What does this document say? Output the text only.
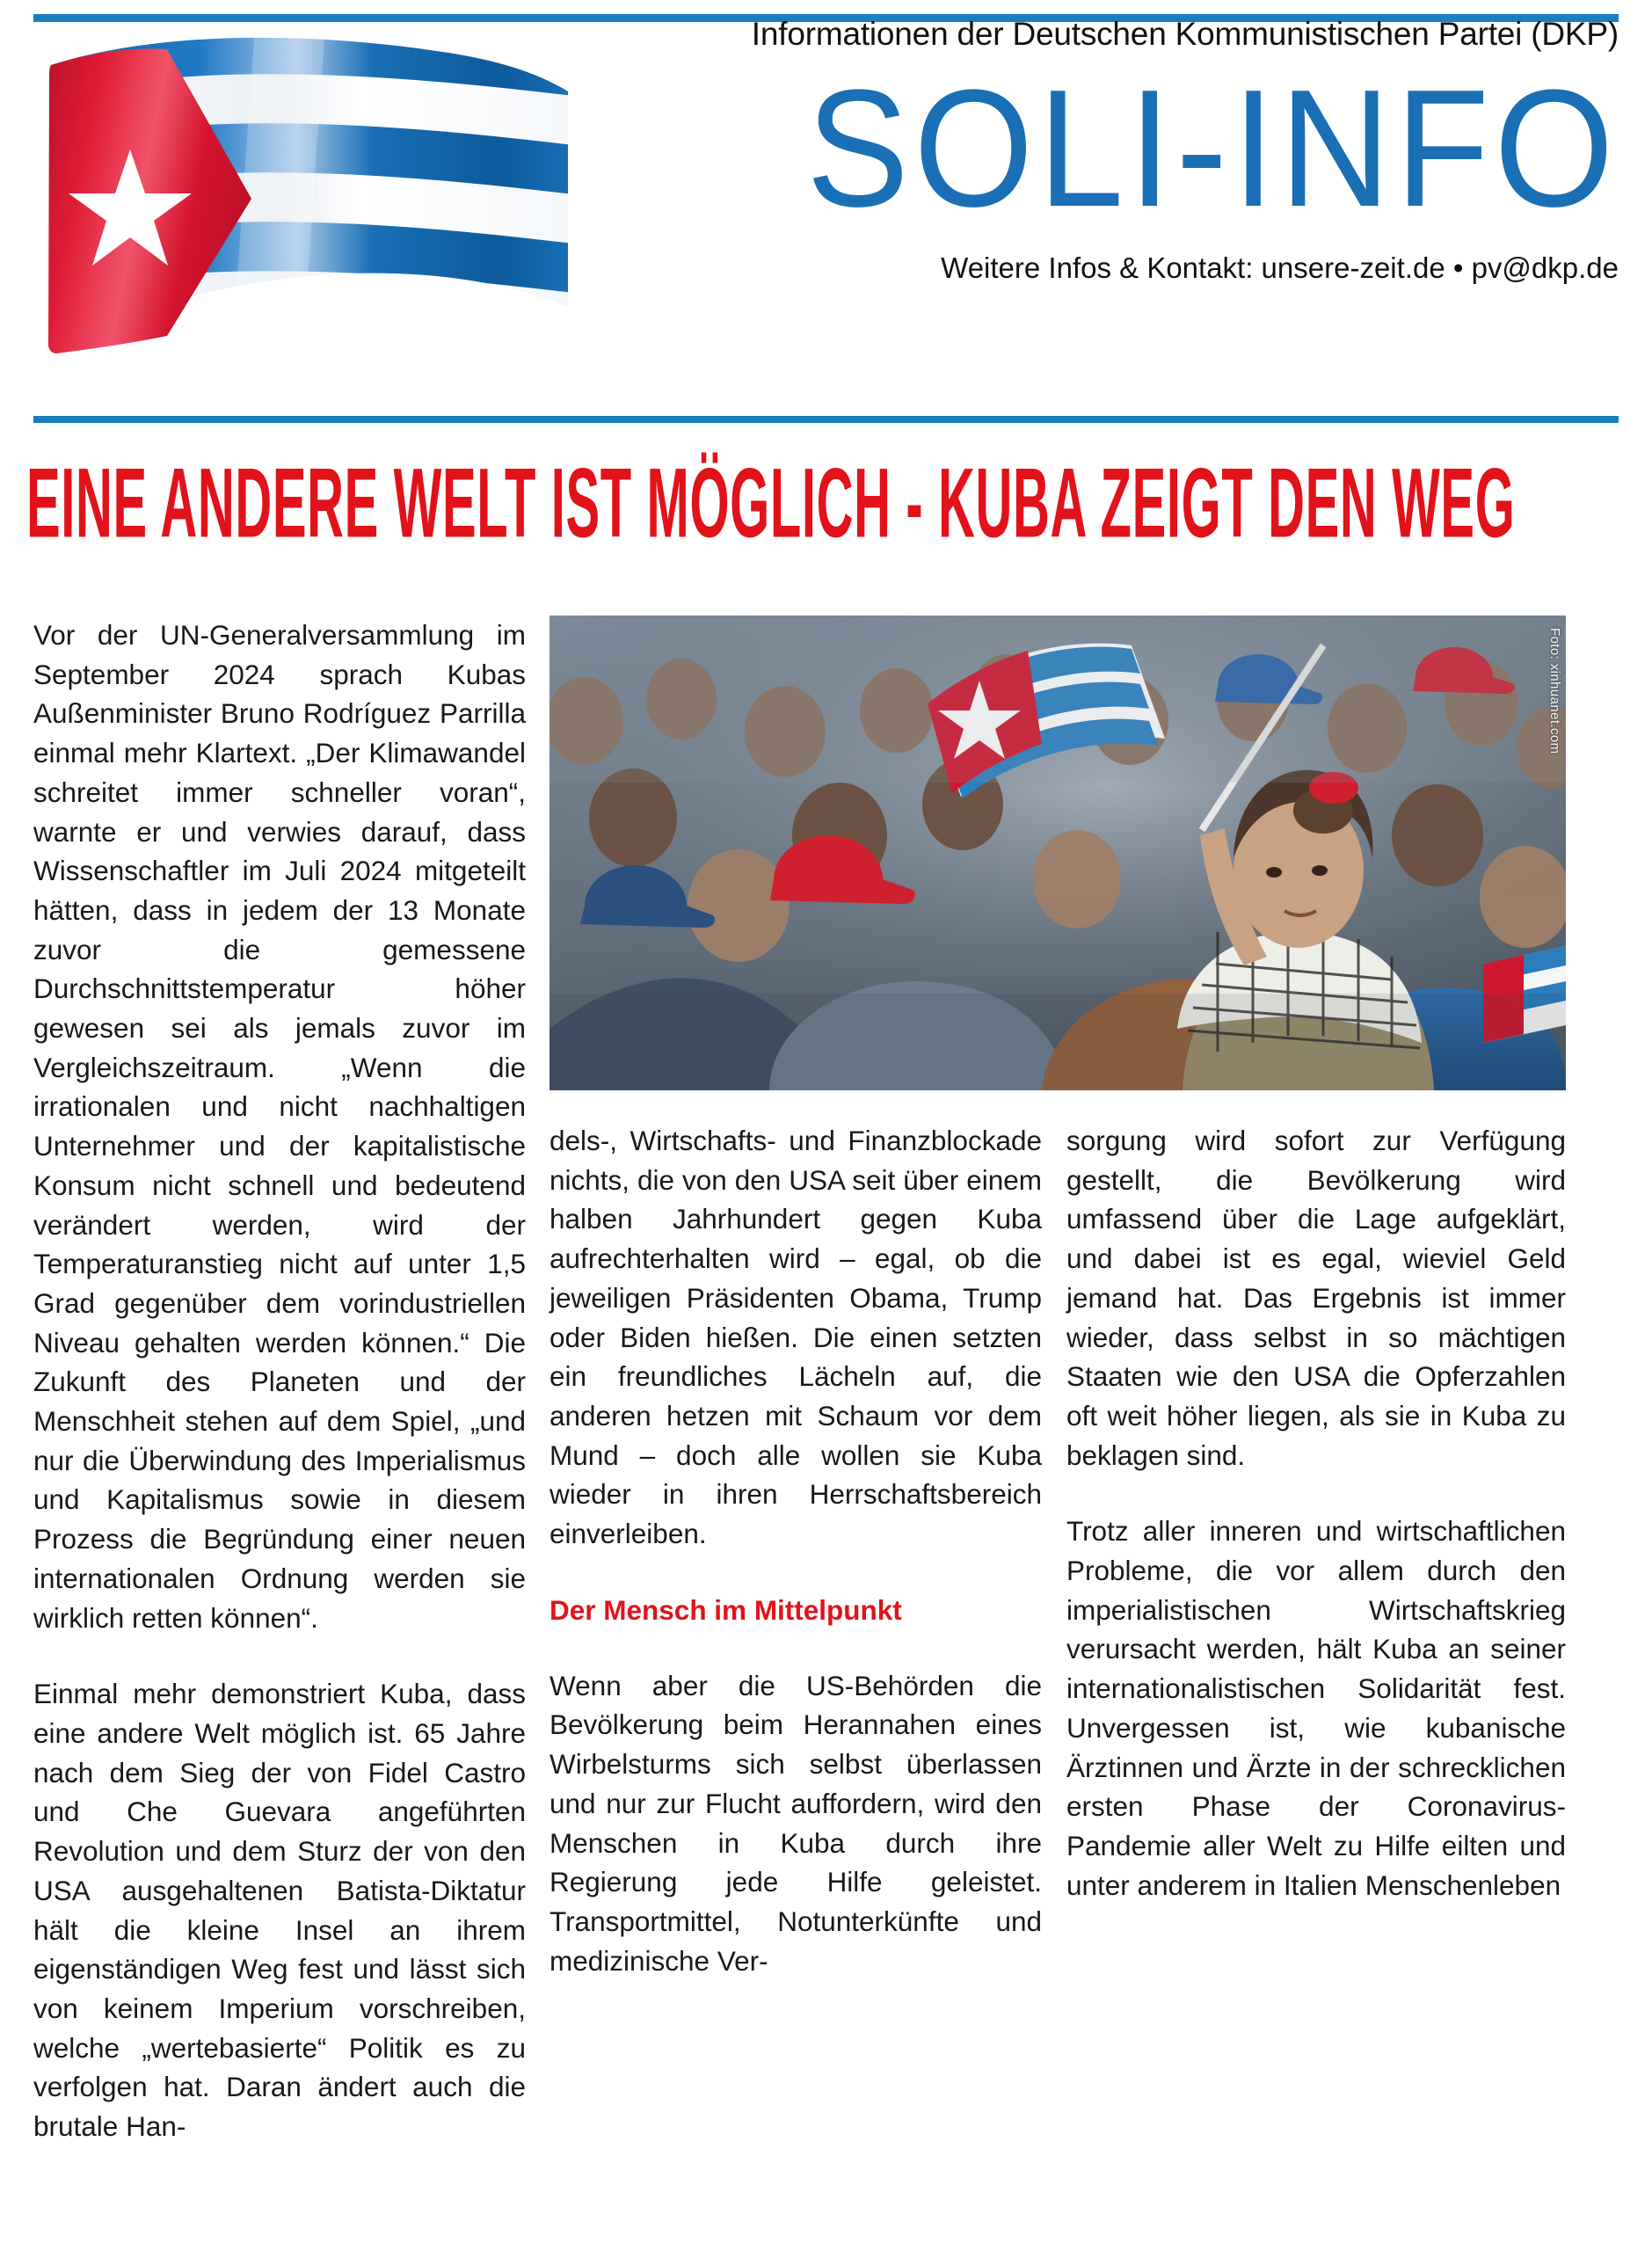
Informationen der Deutschen Kommunistischen Partei (DKP)
SOLI-INFO
Weitere Infos & Kontakt: unsere-zeit.de • pv@dkp.de
EINE ANDERE WELT IST MÖGLICH - KUBA ZEIGT DEN WEG
Foto: xinhuanet.com

Vor der UN-Generalversammlung im September 2024 sprach Kubas Außenminister Bruno Rodríguez Parrilla einmal mehr Klartext. „Der Klimawandel schreitet immer schneller voran“, warnte er und verwies darauf, dass Wissenschaftler im Juli 2024 mitgeteilt hätten, dass in jedem der 13 Monate zuvor die gemessene Durchschnittstemperatur höher gewesen sei als jemals zuvor im Vergleichszeitraum. „Wenn die irrationalen und nicht nachhaltigen Unternehmer und der kapitalistische Konsum nicht schnell und bedeutend verändert werden, wird der Temperaturanstieg nicht auf unter 1,5 Grad gegenüber dem vorindustriellen Niveau gehalten werden können.“ Die Zukunft des Planeten und der Menschheit stehen auf dem Spiel, „und nur die Überwindung des Imperialismus und Kapitalismus sowie in diesem Prozess die Begründung einer neuen internationalen Ordnung werden sie wirklich retten können“.

Einmal mehr demonstriert Kuba, dass eine andere Welt möglich ist. 65 Jahre nach dem Sieg der von Fidel Castro und Che Guevara angeführten Revolution und dem Sturz der von den USA ausgehaltenen Batista-Diktatur hält die kleine Insel an ihrem eigenständigen Weg fest und lässt sich von keinem Imperium vorschreiben, welche „wertebasierte“ Politik es zu verfolgen hat. Daran ändert auch die brutale Han-

dels-, Wirtschafts- und Finanzblockade nichts, die von den USA seit über einem halben Jahrhundert gegen Kuba aufrechterhalten wird – egal, ob die jeweiligen Präsidenten Obama, Trump oder Biden hießen. Die einen setzten ein freundliches Lächeln auf, die anderen hetzen mit Schaum vor dem Mund – doch alle wollen sie Kuba wieder in ihren Herrschaftsbereich einverleiben.

Der Mensch im Mittelpunkt

Wenn aber die US-Behörden die Bevölkerung beim Herannahen eines Wirbelsturms sich selbst überlassen und nur zur Flucht auffordern, wird den Menschen in Kuba durch ihre Regierung jede Hilfe geleistet. Transportmittel, Notunterkünfte und medizinische Ver-

sorgung wird sofort zur Verfügung gestellt, die Bevölkerung wird umfassend über die Lage aufgeklärt, und dabei ist es egal, wieviel Geld jemand hat. Das Ergebnis ist immer wieder, dass selbst in so mächtigen Staaten wie den USA die Opferzahlen oft weit höher liegen, als sie in Kuba zu beklagen sind.

Trotz aller inneren und wirtschaftlichen Probleme, die vor allem durch den imperialistischen Wirtschaftskrieg verursacht werden, hält Kuba an seiner internationalistischen Solidarität fest. Unvergessen ist, wie kubanische Ärztinnen und Ärzte in der schrecklichen ersten Phase der Coronavirus-Pandemie aller Welt zu Hilfe eilten und unter anderem in Italien Menschenleben
